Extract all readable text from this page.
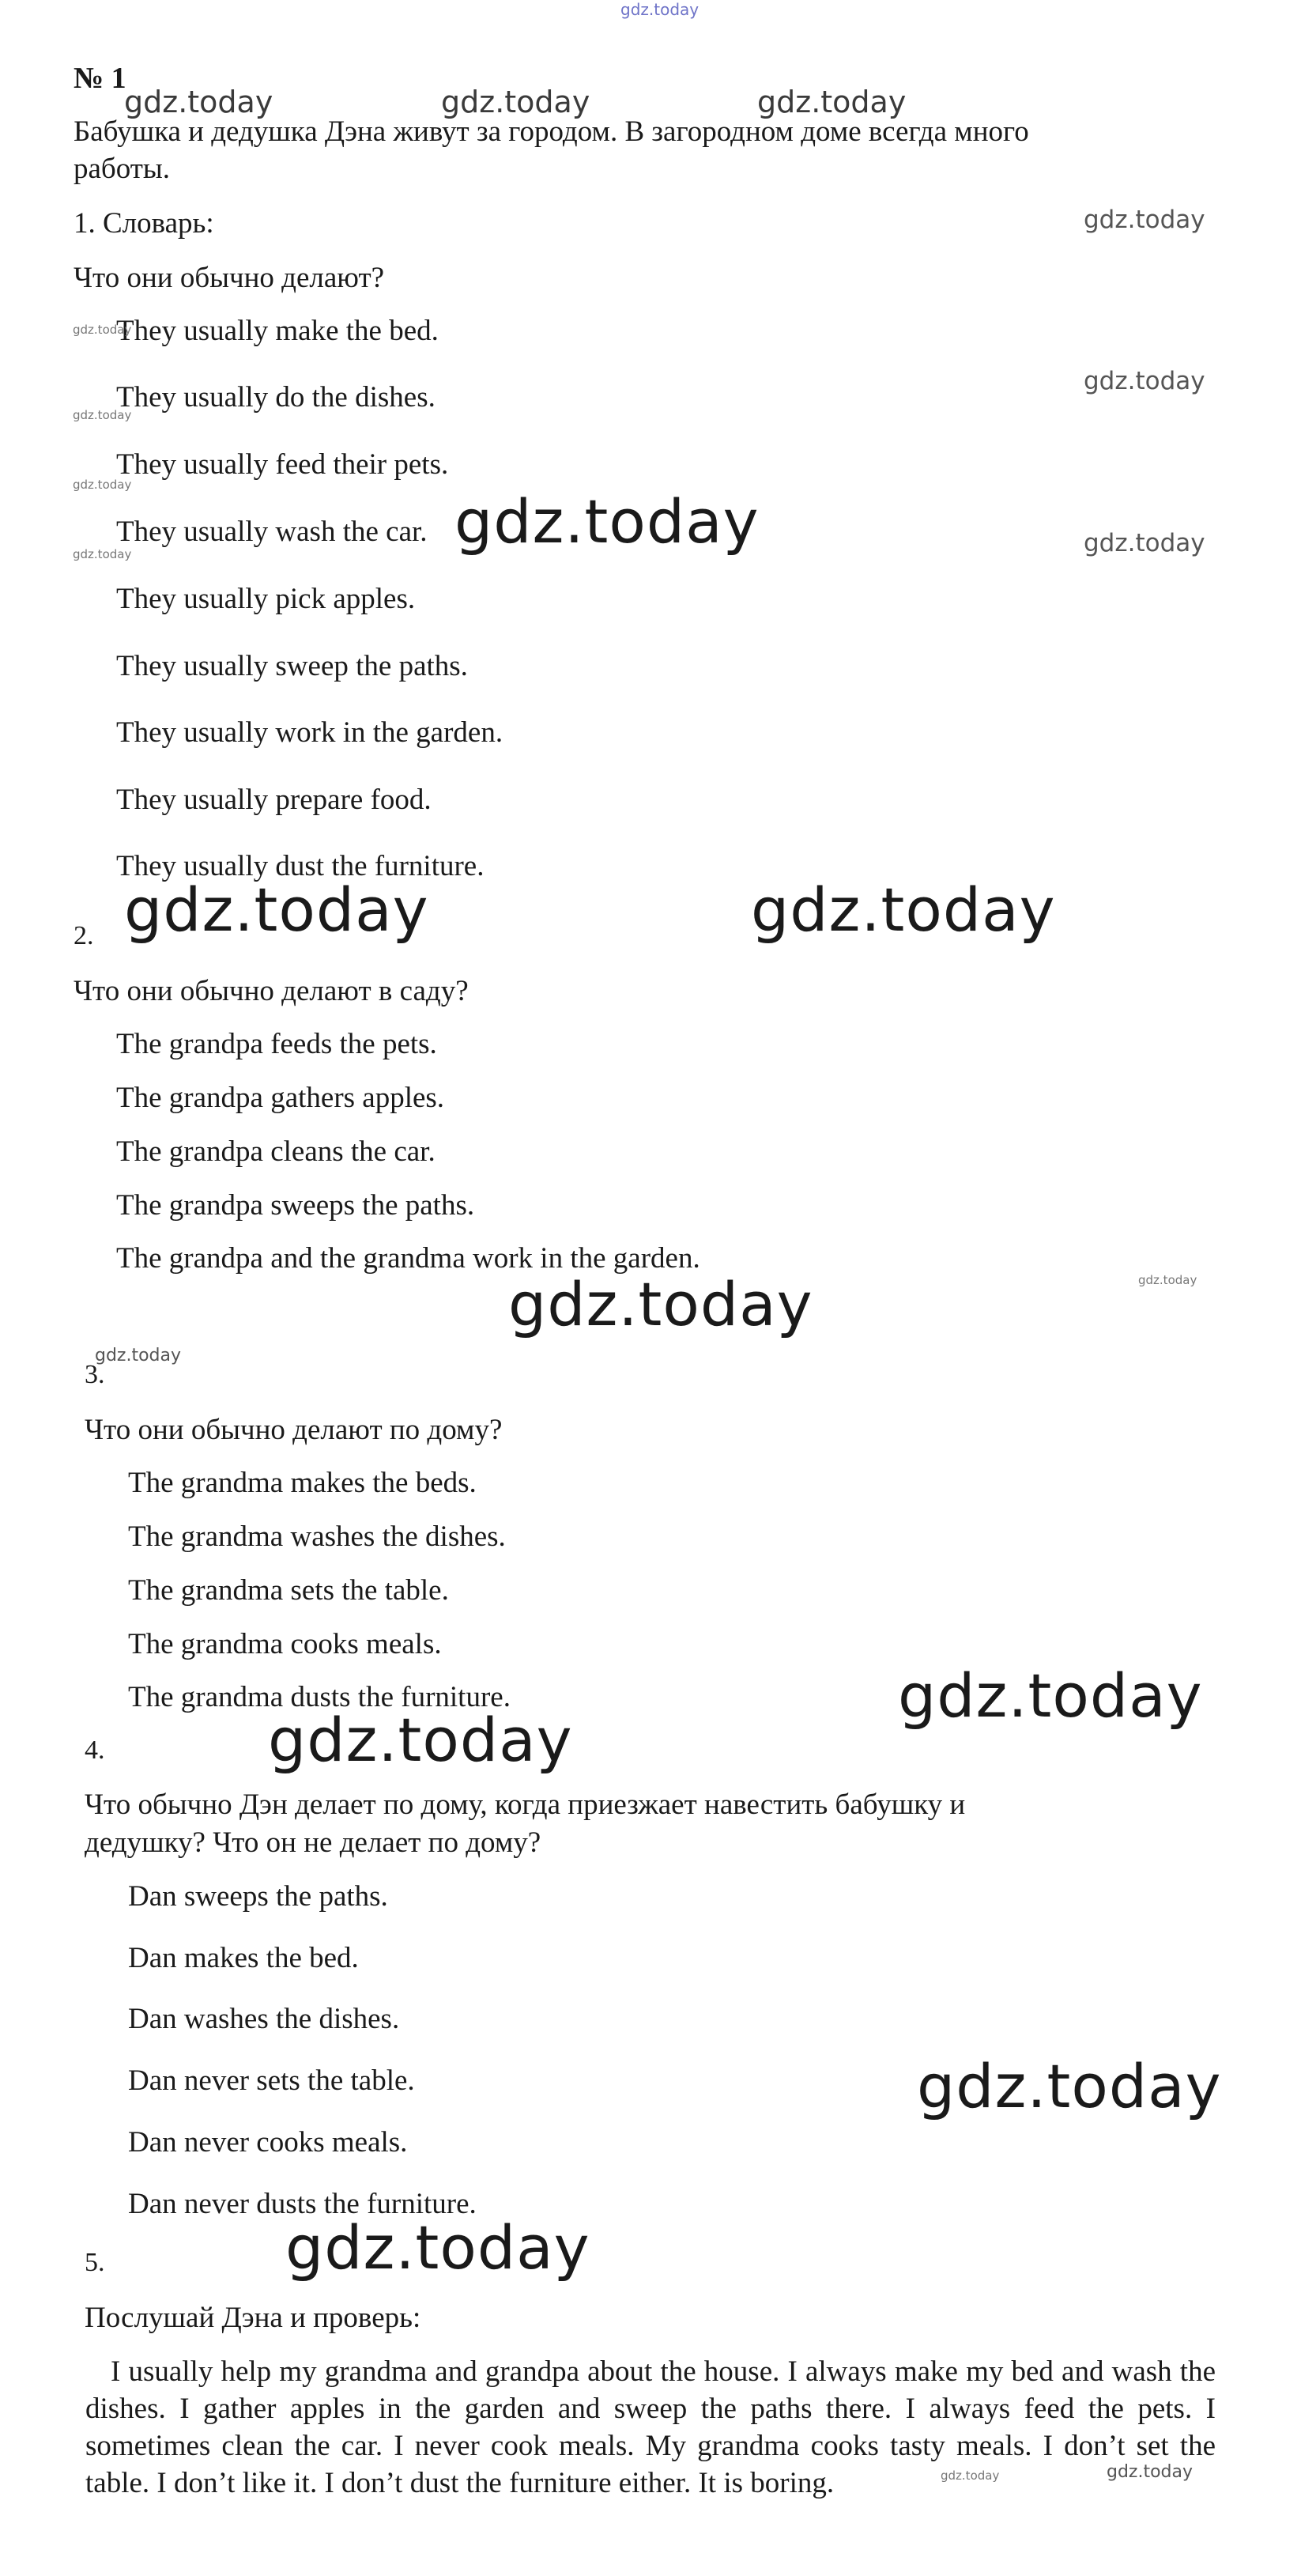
gdz.today
№ 1
Бабушка и дедушка Дэна живут за городом. В загородном доме всегда много
работы.
1. Словарь:
Что они обычно делают?
They usually make the bed.
They usually do the dishes.
They usually feed their pets.
They usually wash the car.
They usually pick apples.
They usually sweep the paths.
They usually work in the garden.
They usually prepare food.
They usually dust the furniture.
2.
Что они обычно делают в саду?
The grandpa feeds the pets.
The grandpa gathers apples.
The grandpa cleans the car.
The grandpa sweeps the paths.
The grandpa and the grandma work in the garden.
3.
Что они обычно делают по дому?
The grandma makes the beds.
The grandma washes the dishes.
The grandma sets the table.
The grandma cooks meals.
The grandma dusts the furniture.
4.
Что обычно Дэн делает по дому, когда приезжает навестить бабушку и
дедушку? Что он не делает по дому?
Dan sweeps the paths.
Dan makes the bed.
Dan washes the dishes.
Dan never sets the table.
Dan never cooks meals.
Dan never dusts the furniture.
5.
Послушай Дэна и проверь:
I usually help my grandma and grandpa about the house. I always make my bed and wash the dishes. I gather apples in the garden and sweep the paths there. I always feed the pets. I sometimes clean the car. I never cook meals. My grandma cooks tasty meals. I don’t set the table. I don’t like it. I don’t dust the furniture either. It is boring.
gdz.today	gdz.today	gdz.today
gdz.today
gdz.today
gdz.today
gdz.today
gdz.today
gdz.today
gdz.today	gdz.today
gdz.today	gdz.today
gdz.today
gdz.today
gdz.today
gdz.today
gdz.today
gdz.today
gdz.today
gdz.today	gdz.today
